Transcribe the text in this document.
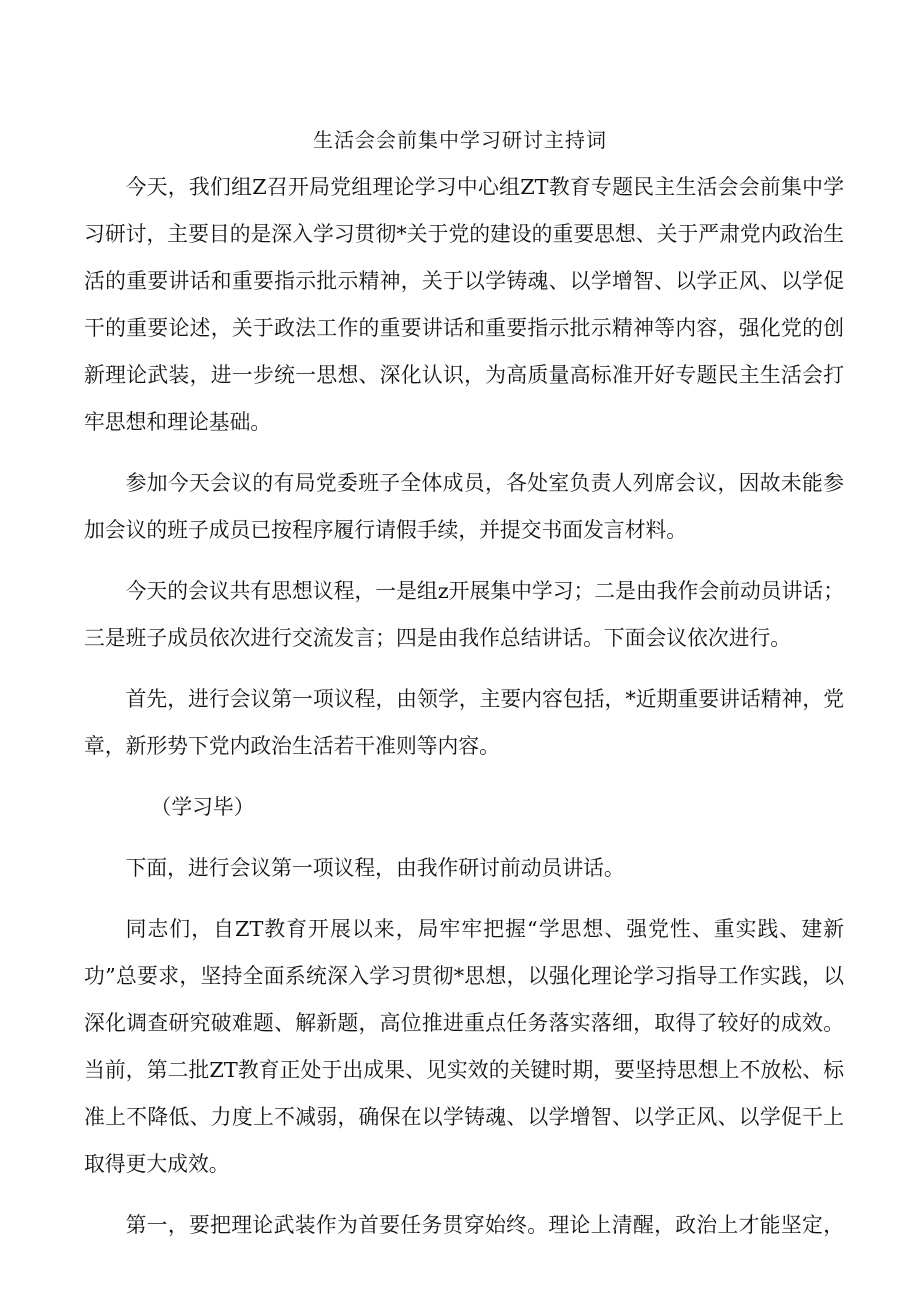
生活会会前集中学习研讨主持词

今天，我们组Z召开局党组理论学习中心组ZT教育专题民主生活会会前集中学习研讨，主要目的是深入学习贯彻*关于党的建设的重要思想、关于严肃党内政治生活的重要讲话和重要指示批示精神，关于以学铸魂、以学增智、以学正风、以学促干的重要论述，关于政法工作的重要讲话和重要指示批示精神等内容，强化党的创新理论武装，进一步统一思想、深化认识，为高质量高标准开好专题民主生活会打牢思想和理论基础。

参加今天会议的有局党委班子全体成员，各处室负责人列席会议，因故未能参加会议的班子成员已按程序履行请假手续，并提交书面发言材料。

今天的会议共有思想议程，一是组z开展集中学习；二是由我作会前动员讲话；三是班子成员依次进行交流发言；四是由我作总结讲话。下面会议依次进行。

首先，进行会议第一项议程，由领学，主要内容包括，*近期重要讲话精神，党章，新形势下党内政治生活若干准则等内容。

（学习毕）

下面，进行会议第一项议程，由我作研讨前动员讲话。

同志们，自ZT教育开展以来，局牢牢把握“学思想、强党性、重实践、建新功”总要求，坚持全面系统深入学习贯彻*思想，以强化理论学习指导工作实践，以深化调查研究破难题、解新题，高位推进重点任务落实落细，取得了较好的成效。当前，第二批ZT教育正处于出成果、见实效的关键时期，要坚持思想上不放松、标准上不降低、力度上不减弱，确保在以学铸魂、以学增智、以学正风、以学促干上取得更大成效。

第一，要把理论武装作为首要任务贯穿始终。理论上清醒，政治上才能坚定，
